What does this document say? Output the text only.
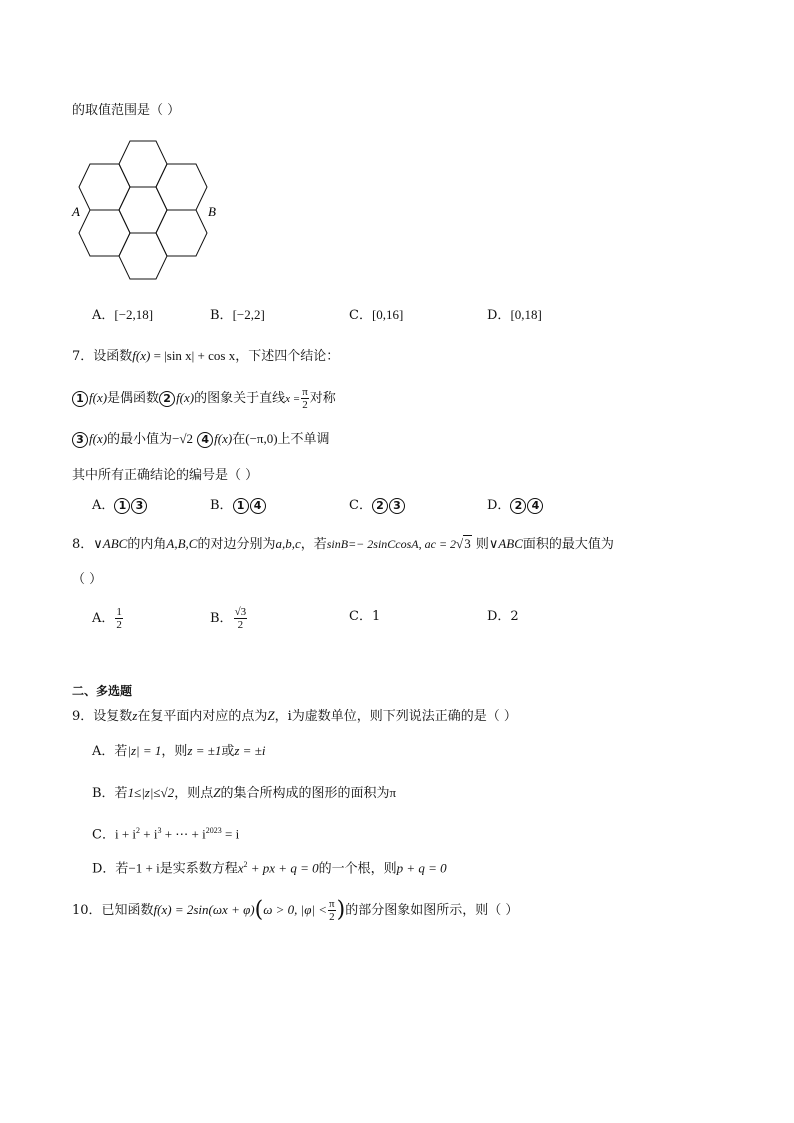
的取值范围是（ ）
A	B
A．[−2,18]	B．[−2,2]	C．[0,16]	D．[0,18]
7．设函数f(x) = |sin x| + cos x，下述四个结论：
1 f(x)是偶函数 2 f(x)的图象关于直线$x = \frac{\pi}{2}$ 对称
3 f(x)的最小值为−√2 4 f(x)在(−π,0)上不单调
其中所有正确结论的编号是（ ）
A． 1 3	B． 1 4	C． 2 3	D． 2 4
8．∨ABC的内角A,B,C的对边分别为a,b,c，若sinB=− 2sinCcosA, ac = 2√3 则∨ABC面积的最大值为
（ ）
A． $\frac{1}{2}$	B． $\frac{√3}{2}$	C．1	D．2
二、多选题
9．设复数z在复平面内对应的点为Z，i为虚数单位，则下列说法正确的是（ ）
A．若|z| = 1，则z = ±1或z = ±i
B．若1≤|z|≤√2，则点Z的集合所构成的图形的面积为π
C．$i + i^2 + i^3$ + ⋯ + $i^{2023} = i$
D．若−1 + i是实系数方程$x^2$ + px + q = 0的一个根，则p + q = 0
10．已知函数f(x) = 2sin(ωx + φ)(ω > 0, $|\varphi| < \frac{\pi}{2}$ )的部分图象如图所示，则（ ）
